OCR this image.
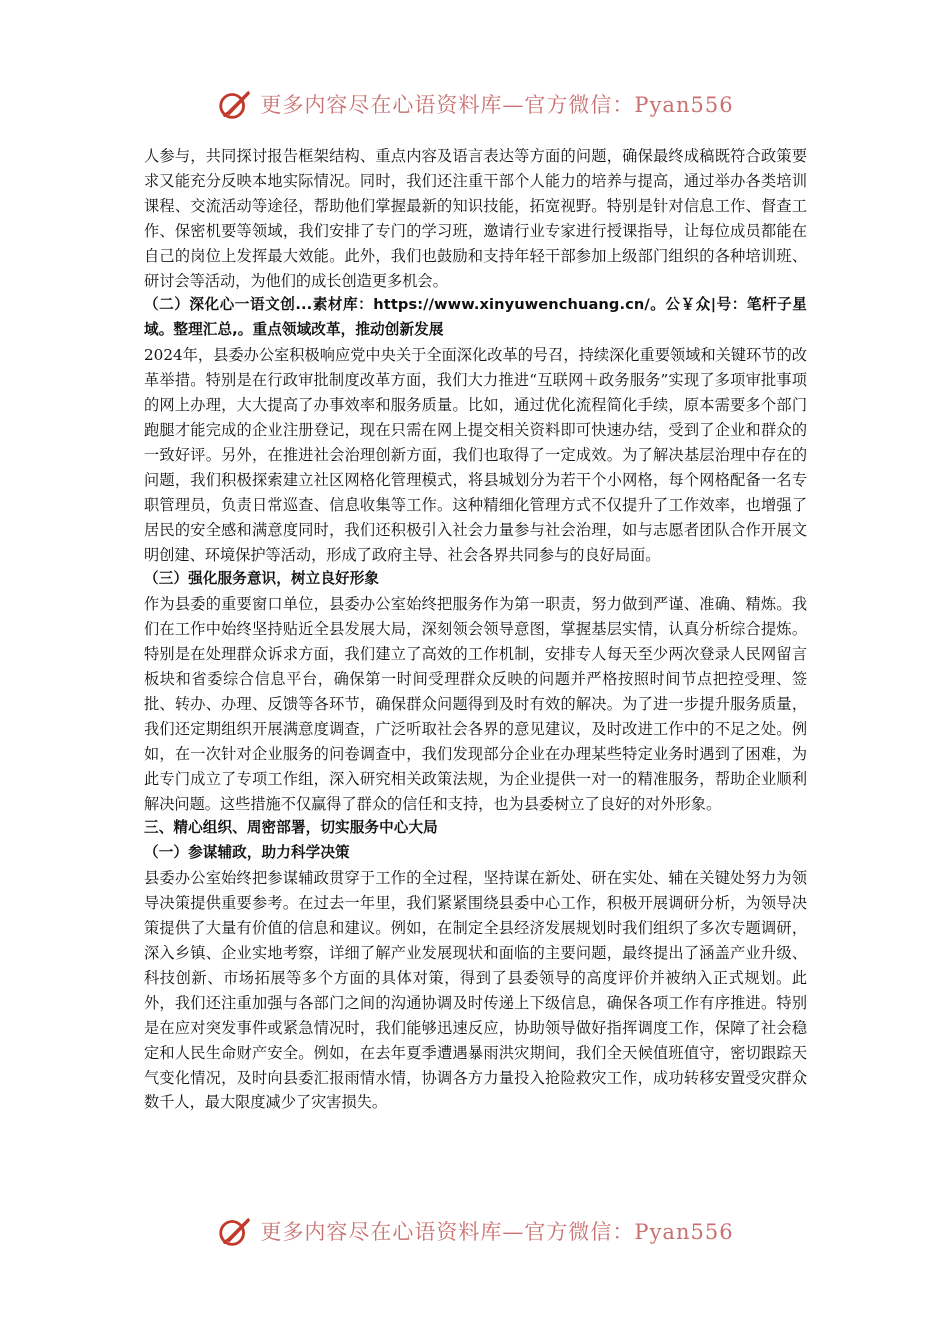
更多内容尽在心语资料库—官方微信：Pyan556

人参与，共同探讨报告框架结构、重点内容及语言表达等方面的问题，确保最终成稿既符合政策要求又能充分反映本地实际情况。同时，我们还注重干部个人能力的培养与提高，通过举办各类培训课程、交流活动等途径，帮助他们掌握最新的知识技能，拓宽视野。特别是针对信息工作、督查工作、保密机要等领域，我们安排了专门的学习班，邀请行业专家进行授课指导，让每位成员都能在自己的岗位上发挥最大效能。此外，我们也鼓励和支持年轻干部参加上级部门组织的各种培训班、研讨会等活动，为他们的成长创造更多机会。

（二）深化心一语文创...素材库：https://www.xinyuwenchuang.cn/。公￥众|号：笔杆子星域。整理汇总,。重点领域改革，推动创新发展

2024年，县委办公室积极响应党中央关于全面深化改革的号召，持续深化重要领域和关键环节的改革举措。特别是在行政审批制度改革方面，我们大力推进“互联网＋政务服务”实现了多项审批事项的网上办理，大大提高了办事效率和服务质量。比如，通过优化流程简化手续，原本需要多个部门跑腿才能完成的企业注册登记，现在只需在网上提交相关资料即可快速办结，受到了企业和群众的一致好评。另外，在推进社会治理创新方面，我们也取得了一定成效。为了解决基层治理中存在的问题，我们积极探索建立社区网格化管理模式，将县城划分为若干个小网格，每个网格配备一名专职管理员，负责日常巡查、信息收集等工作。这种精细化管理方式不仅提升了工作效率，也增强了居民的安全感和满意度同时，我们还积极引入社会力量参与社会治理，如与志愿者团队合作开展文明创建、环境保护等活动，形成了政府主导、社会各界共同参与的良好局面。

（三）强化服务意识，树立良好形象

作为县委的重要窗口单位，县委办公室始终把服务作为第一职责，努力做到严谨、准确、精炼。我们在工作中始终坚持贴近全县发展大局，深刻领会领导意图，掌握基层实情，认真分析综合提炼。特别是在处理群众诉求方面，我们建立了高效的工作机制，安排专人每天至少两次登录人民网留言板块和省委综合信息平台，确保第一时间受理群众反映的问题并严格按照时间节点把控受理、签批、转办、办理、反馈等各环节，确保群众问题得到及时有效的解决。为了进一步提升服务质量，我们还定期组织开展满意度调查，广泛听取社会各界的意见建议，及时改进工作中的不足之处。例如，在一次针对企业服务的问卷调查中，我们发现部分企业在办理某些特定业务时遇到了困难，为此专门成立了专项工作组，深入研究相关政策法规，为企业提供一对一的精准服务，帮助企业顺利解决问题。这些措施不仅赢得了群众的信任和支持，也为县委树立了良好的对外形象。

三、精心组织、周密部署，切实服务中心大局

（一）参谋辅政，助力科学决策

县委办公室始终把参谋辅政贯穿于工作的全过程，坚持谋在新处、研在实处、辅在关键处努力为领导决策提供重要参考。在过去一年里，我们紧紧围绕县委中心工作，积极开展调研分析，为领导决策提供了大量有价值的信息和建议。例如，在制定全县经济发展规划时我们组织了多次专题调研，深入乡镇、企业实地考察，详细了解产业发展现状和面临的主要问题，最终提出了涵盖产业升级、科技创新、市场拓展等多个方面的具体对策，得到了县委领导的高度评价并被纳入正式规划。此外，我们还注重加强与各部门之间的沟通协调及时传递上下级信息，确保各项工作有序推进。特别是在应对突发事件或紧急情况时，我们能够迅速反应，协助领导做好指挥调度工作，保障了社会稳定和人民生命财产安全。例如，在去年夏季遭遇暴雨洪灾期间，我们全天候值班值守，密切跟踪天气变化情况，及时向县委汇报雨情水情，协调各方力量投入抢险救灾工作，成功转移安置受灾群众数千人，最大限度减少了灾害损失。

更多内容尽在心语资料库—官方微信：Pyan556
